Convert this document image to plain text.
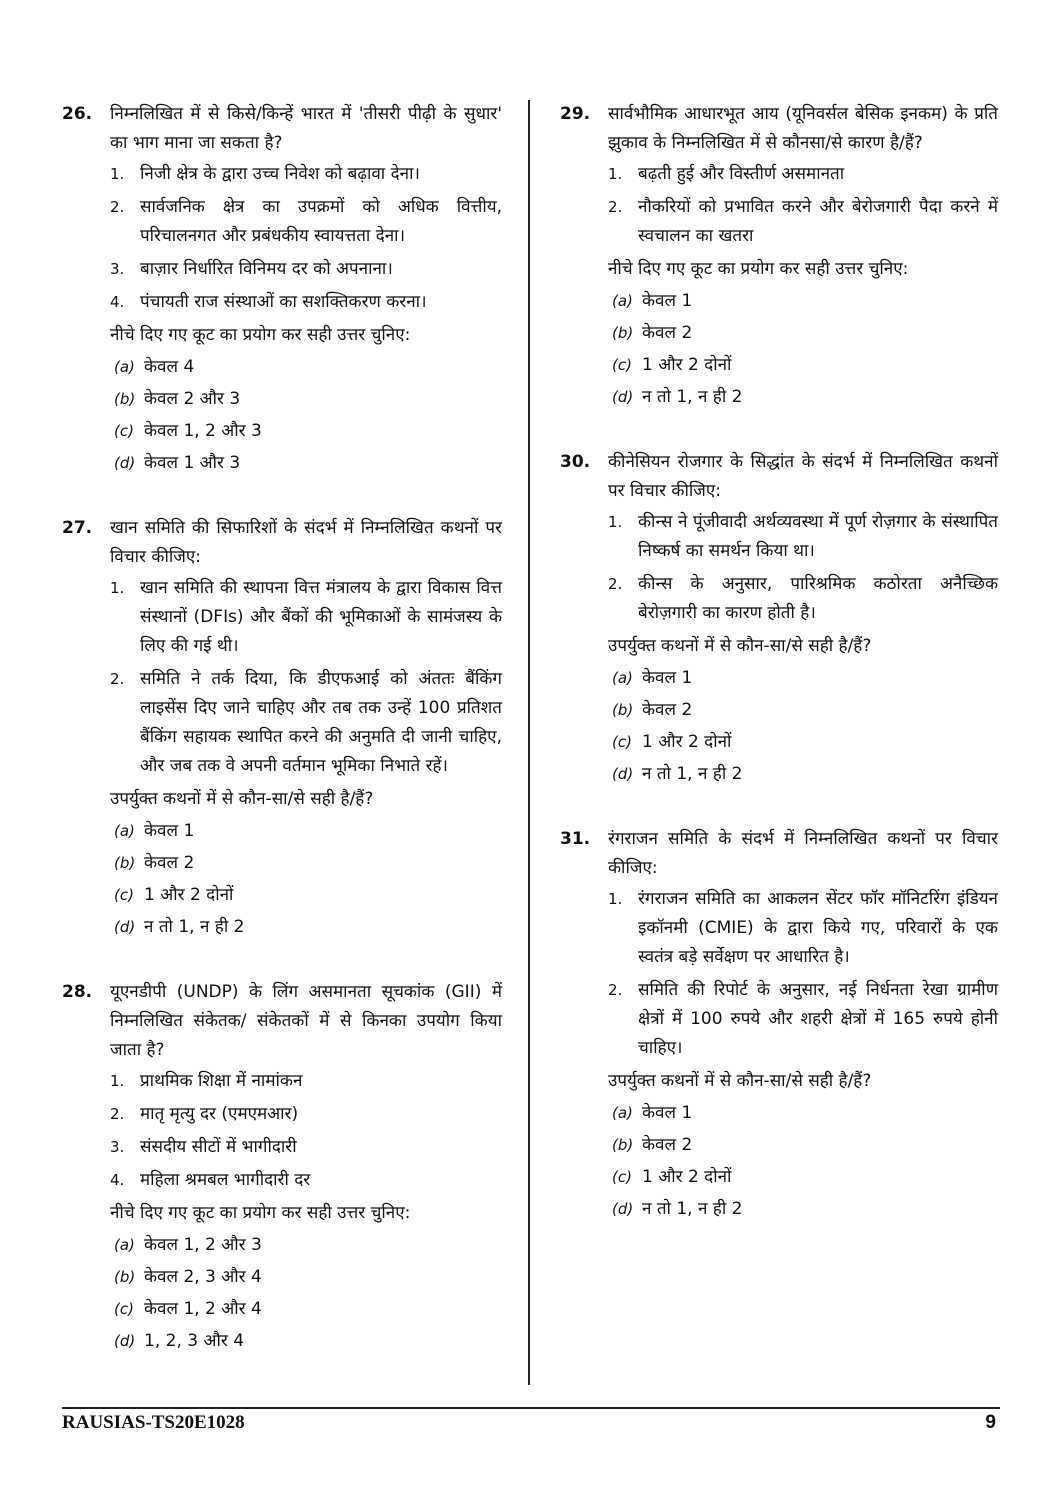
26. निम्नलिखित में से किसे/किन्हें भारत में 'तीसरी पीढ़ी के सुधार' का भाग माना जा सकता है?
1. निजी क्षेत्र के द्वारा उच्च निवेश को बढ़ावा देना।
2. सार्वजनिक क्षेत्र का उपक्रमों को अधिक वित्तीय, परिचालनगत और प्रबंधकीय स्वायत्तता देना।
3. बाज़ार निर्धारित विनिमय दर को अपनाना।
4. पंचायती राज संस्थाओं का सशक्तिकरण करना।
नीचे दिए गए कूट का प्रयोग कर सही उत्तर चुनिए:
(a) केवल 4
(b) केवल 2 और 3
(c) केवल 1, 2 और 3
(d) केवल 1 और 3
27. खान समिति की सिफारिशों के संदर्भ में निम्नलिखित कथनों पर विचार कीजिए:
1. खान समिति की स्थापना वित्त मंत्रालय के द्वारा विकास वित्त संस्थानों (DFIs) और बैंकों की भूमिकाओं के सामंजस्य के लिए की गई थी।
2. समिति ने तर्क दिया, कि डीएफआई को अंततः बैंकिंग लाइसेंस दिए जाने चाहिए और तब तक उन्हें 100 प्रतिशत बैंकिंग सहायक स्थापित करने की अनुमति दी जानी चाहिए, और जब तक वे अपनी वर्तमान भूमिका निभाते रहें।
उपर्युक्त कथनों में से कौन-सा/से सही है/हैं?
(a) केवल 1
(b) केवल 2
(c) 1 और 2 दोनों
(d) न तो 1, न ही 2
28. यूएनडीपी (UNDP) के लिंग असमानता सूचकांक (GII) में निम्नलिखित संकेतक/ संकेतकों में से किनका उपयोग किया जाता है?
1. प्राथमिक शिक्षा में नामांकन
2. मातृ मृत्यु दर (एमएमआर)
3. संसदीय सीटों में भागीदारी
4. महिला श्रमबल भागीदारी दर
नीचे दिए गए कूट का प्रयोग कर सही उत्तर चुनिए:
(a) केवल 1, 2 और 3
(b) केवल 2, 3 और 4
(c) केवल 1, 2 और 4
(d) 1, 2, 3 और 4
29. सार्वभौमिक आधारभूत आय (यूनिवर्सल बेसिक इनकम) के प्रति झुकाव के निम्नलिखित में से कौनसा/से कारण है/हैं?
1. बढ़ती हुई और विस्तीर्ण असमानता
2. नौकरियों को प्रभावित करने और बेरोजगारी पैदा करने में स्वचालन का खतरा
नीचे दिए गए कूट का प्रयोग कर सही उत्तर चुनिए:
(a) केवल 1
(b) केवल 2
(c) 1 और 2 दोनों
(d) न तो 1, न ही 2
30. कीनेसियन रोजगार के सिद्धांत के संदर्भ में निम्नलिखित कथनों पर विचार कीजिए:
1. कीन्स ने पूंजीवादी अर्थव्यवस्था में पूर्ण रोज़गार के संस्थापित निष्कर्ष का समर्थन किया था।
2. कीन्स के अनुसार, पारिश्रमिक कठोरता अनैच्छिक बेरोज़गारी का कारण होती है।
उपर्युक्त कथनों में से कौन-सा/से सही है/हैं?
(a) केवल 1
(b) केवल 2
(c) 1 और 2 दोनों
(d) न तो 1, न ही 2
31. रंगराजन समिति के संदर्भ में निम्नलिखित कथनों पर विचार कीजिए:
1. रंगराजन समिति का आकलन सेंटर फॉर मॉनिटरिंग इंडियन इकॉनमी (CMIE) के द्वारा किये गए, परिवारों के एक स्वतंत्र बड़े सर्वेक्षण पर आधारित है।
2. समिति की रिपोर्ट के अनुसार, नई निर्धनता रेखा ग्रामीण क्षेत्रों में 100 रुपये और शहरी क्षेत्रों में 165 रुपये होनी चाहिए।
उपर्युक्त कथनों में से कौन-सा/से सही है/हैं?
(a) केवल 1
(b) केवल 2
(c) 1 और 2 दोनों
(d) न तो 1, न ही 2
RAUSIAS-TS20E1028	9
